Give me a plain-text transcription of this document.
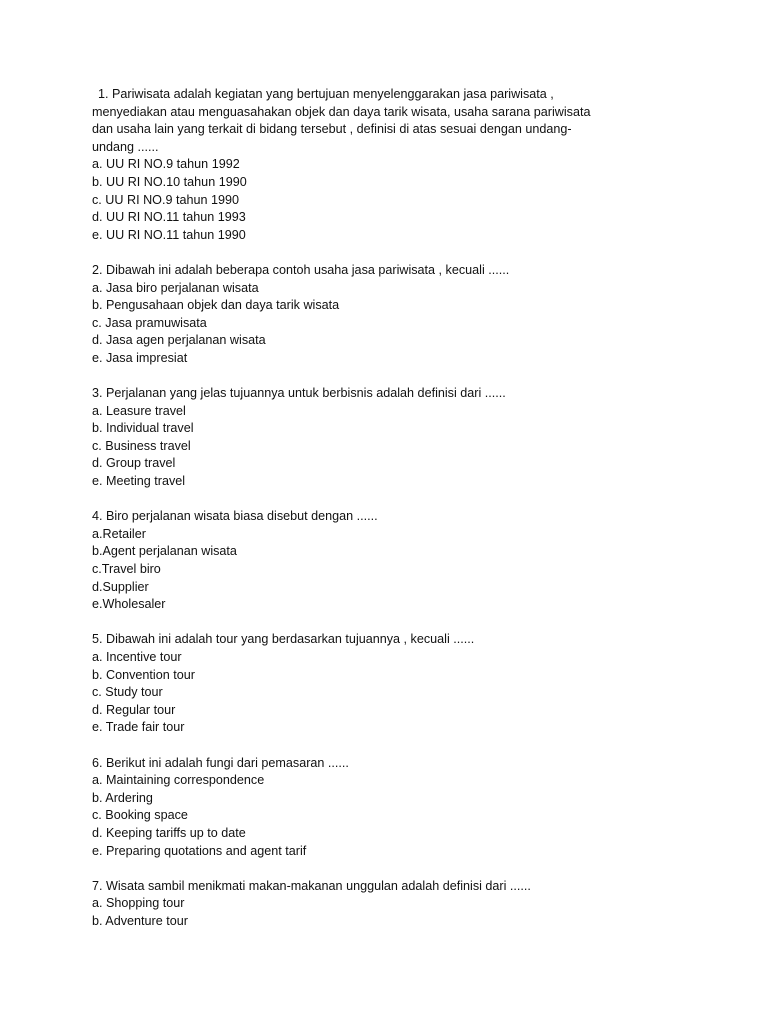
1. Pariwisata adalah kegiatan yang bertujuan menyelenggarakan jasa pariwisata , menyediakan atau menguasahakan objek dan daya tarik wisata, usaha sarana pariwisata dan usaha lain yang terkait di bidang tersebut , definisi di atas sesuai dengan undang-undang ......

a. UU RI NO.9 tahun 1992
b. UU RI NO.10 tahun 1990
c. UU RI NO.9 tahun 1990
d. UU RI NO.11 tahun 1993
e. UU RI NO.11 tahun 1990

2. Dibawah ini adalah beberapa contoh usaha jasa pariwisata , kecuali ......

a. Jasa biro perjalanan wisata
b. Pengusahaan objek dan daya tarik wisata
c. Jasa pramuwisata
d. Jasa agen perjalanan wisata
e. Jasa impresiat

3. Perjalanan yang jelas tujuannya untuk berbisnis adalah definisi dari ......

a. Leasure travel
b. Individual travel
c. Business travel
d. Group travel
e. Meeting travel

4. Biro perjalanan wisata biasa disebut dengan ......

a.Retailer
b.Agent perjalanan wisata
c.Travel biro
d.Supplier
e.Wholesaler

5. Dibawah ini adalah tour yang berdasarkan tujuannya , kecuali ......

a. Incentive tour
b. Convention tour
c. Study tour
d. Regular tour
e. Trade fair tour

6. Berikut ini adalah fungi dari pemasaran ......

a. Maintaining correspondence
b. Ardering
c. Booking space
d. Keeping tariffs up to date
e. Preparing quotations and agent tarif

7. Wisata sambil menikmati makan-makanan unggulan adalah definisi dari ......

a. Shopping tour
b. Adventure tour
